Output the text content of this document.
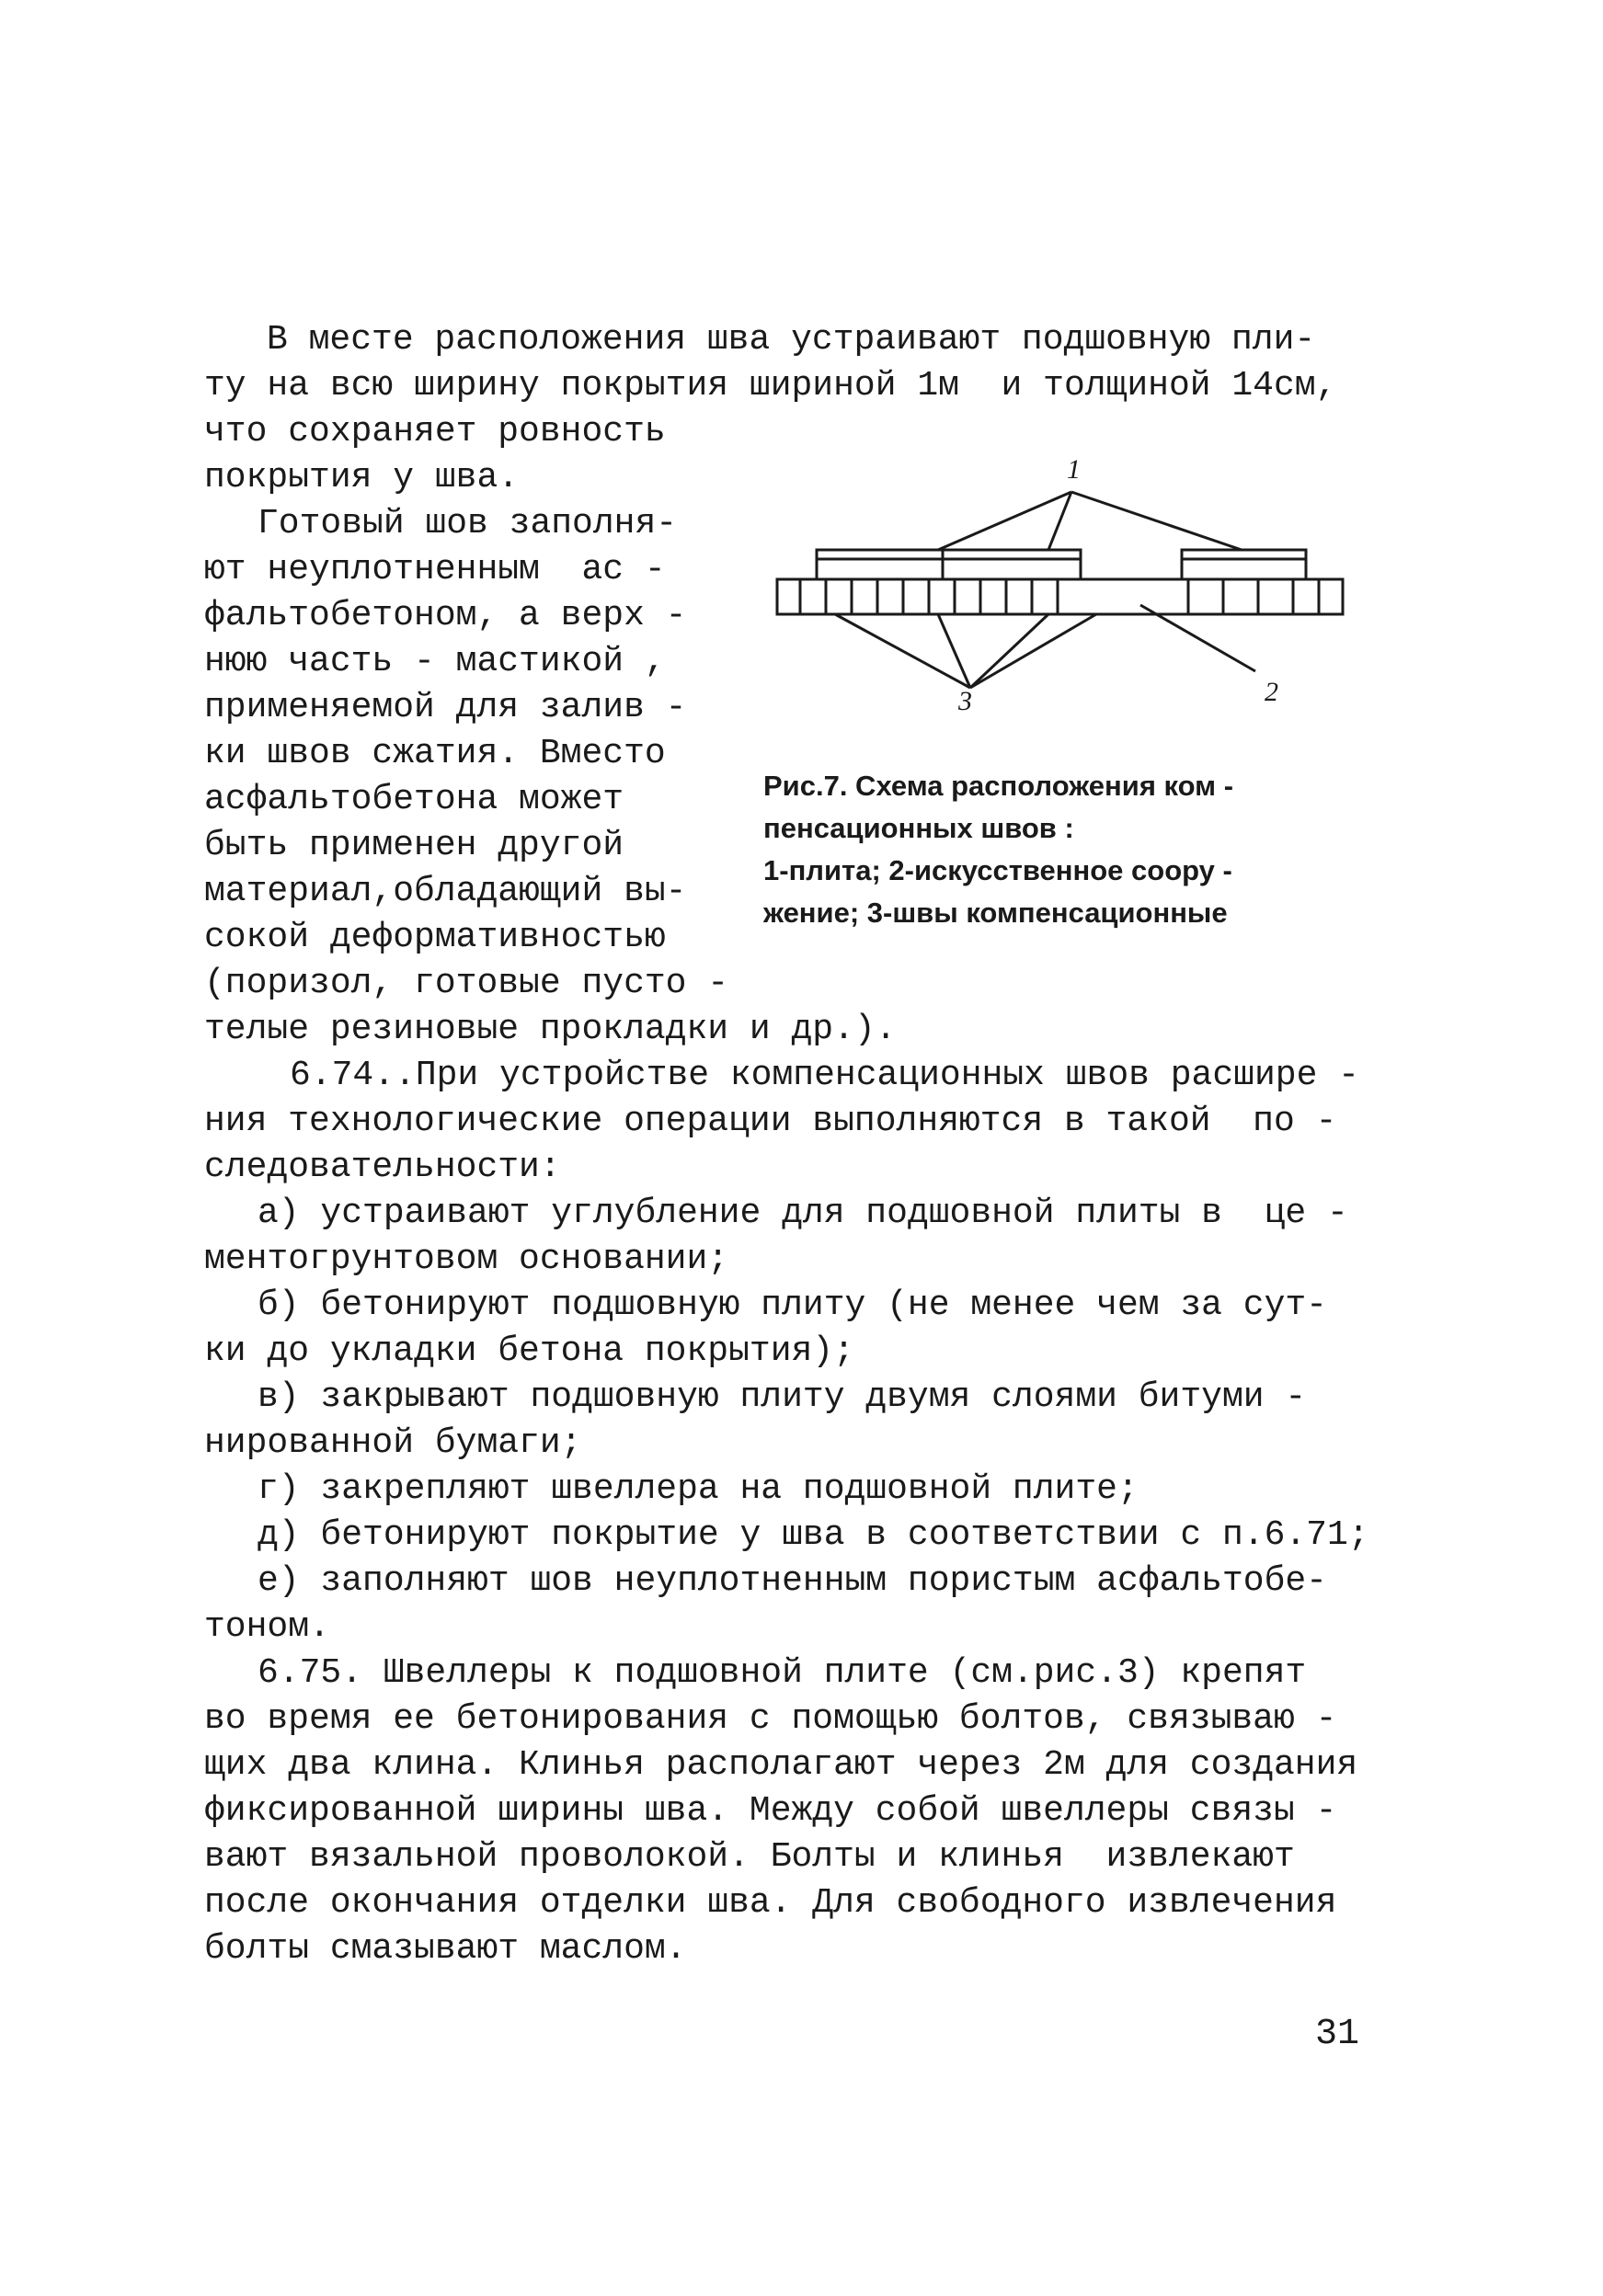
В месте расположения шва устраивают подшовную пли-
ту на всю ширину покрытия шириной 1м  и толщиной 14см,
что сохраняет ровность
покрытия у шва.
Готовый шов заполня-
ют неуплотненным  ас -
фальтобетоном, а верх -
нюю часть - мастикой ,
применяемой для залив -
ки швов сжатия. Вместо
асфальтобетона может
быть применен другой
материал,обладающий вы-
сокой деформативностью
(поризол, готовые пусто -
телые резиновые прокладки и др.).
6.74..При устройстве компенсационных швов расшире -
ния технологические операции выполняются в такой  по -
следовательности:
а) устраивают углубление для подшовной плиты в  це -
ментогрунтовом основании;
б) бетонируют подшовную плиту (не менее чем за сут-
ки до укладки бетона покрытия);
в) закрывают подшовную плиту двумя слоями битуми -
нированной бумаги;
г) закрепляют швеллера на подшовной плите;
д) бетонируют покрытие у шва в соответствии с п.6.71;
е) заполняют шов неуплотненным пористым асфальтобе-
тоном.
6.75. Швеллеры к подшовной плите (см.рис.3) крепят
во время ее бетонирования с помощью болтов, связываю -
щих два клина. Клинья располагают через 2м для создания
фиксированной ширины шва. Между собой швеллеры связы -
вают вязальной проволокой. Болты и клинья  извлекают
после окончания отделки шва. Для свободного извлечения
болты смазывают маслом.
1
2
3
Рис.7. Схема расположения ком -
пенсационных швов :
1-плита; 2-искусственное соору -
жение; 3-швы компенсационные
31
